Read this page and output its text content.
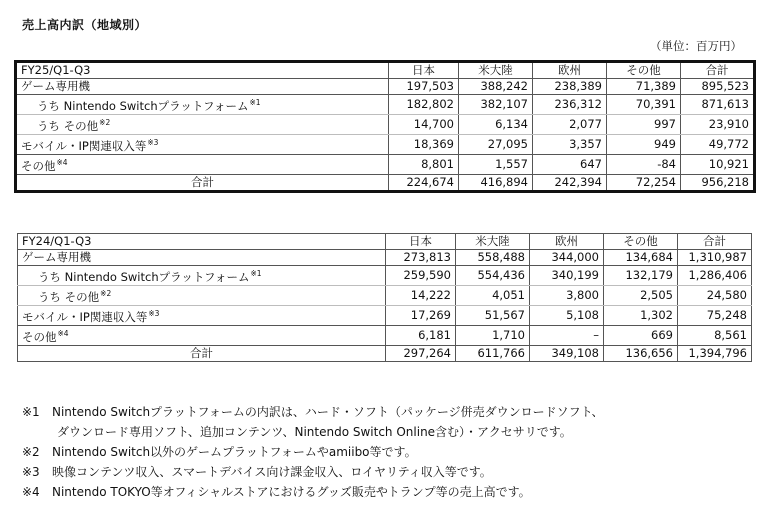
売上高内訳（地域別）
（単位：百万円）
FY25/Q1-Q3	日本	米大陸	欧州	その他	合計
ゲーム専用機	197,503	388,242	238,389	71,389	895,523
うち Nintendo Switchプラットフォーム$^{※1}$	182,802	382,107	236,312	70,391	871,613
うち その他$^{※2}$	14,700	6,134	2,077	997	23,910
モバイル・IP関連収入等$^{※3}$	18,369	27,095	3,357	949	49,772
その他$^{※4}$	8,801	1,557	647	-84	10,921
合計	224,674	416,894	242,394	72,254	956,218
FY24/Q1-Q3	日本	米大陸	欧州	その他	合計
ゲーム専用機	273,813	558,488	344,000	134,684	1,310,987
うち Nintendo Switchプラットフォーム$^{※1}$	259,590	554,436	340,199	132,179	1,286,406
うち その他$^{※2}$	14,222	4,051	3,800	2,505	24,580
モバイル・IP関連収入等$^{※3}$	17,269	51,567	5,108	1,302	75,248
その他$^{※4}$	6,181	1,710	–	669	8,561
合計	297,264	611,766	349,108	136,656	1,394,796
※1 Nintendo Switchプラットフォームの内訳は、ハード・ソフト（パッケージ併売ダウンロードソフト、
ダウンロード専用ソフト、追加コンテンツ、Nintendo Switch Online含む）・アクセサリです。
※2 Nintendo Switch以外のゲームプラットフォームやamiibo等です。
※3 映像コンテンツ収入、スマートデバイス向け課金収入、ロイヤリティ収入等です。
※4 Nintendo TOKYO等オフィシャルストアにおけるグッズ販売やトランプ等の売上高です。
